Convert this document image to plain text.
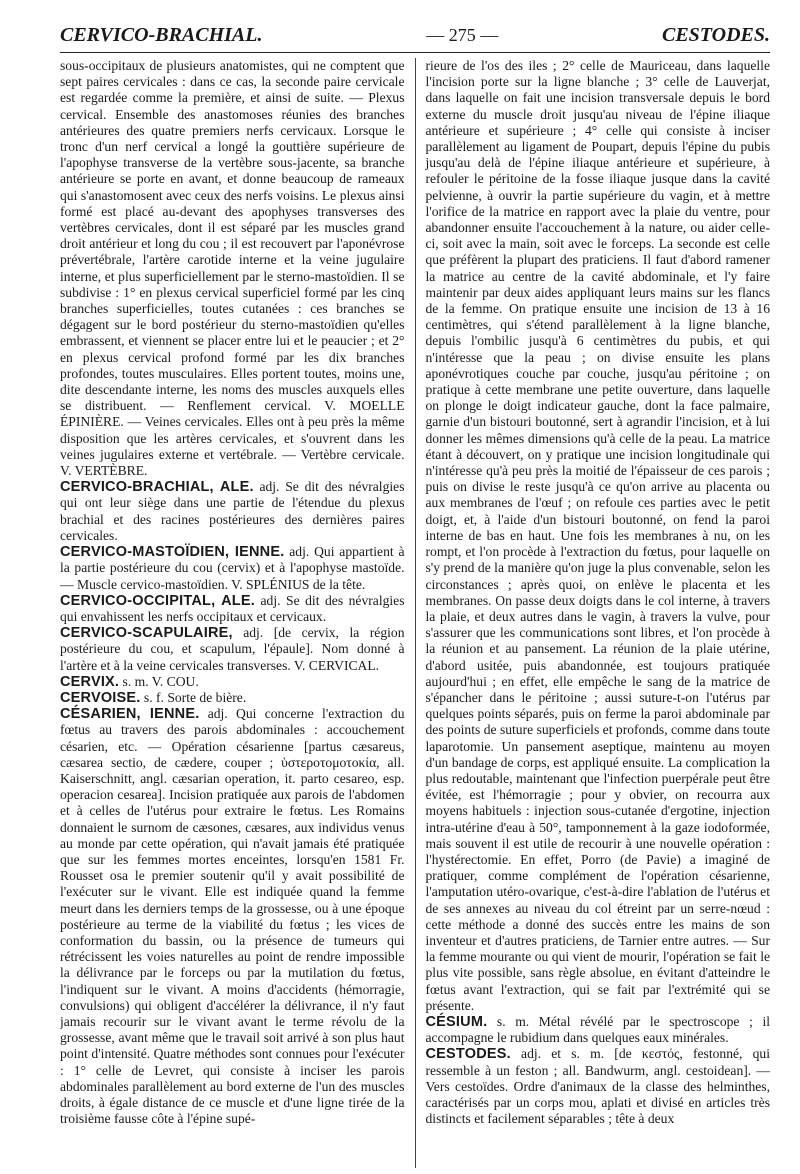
CERVICO-BRACHIAL.	— 275 —	CESTODES.

sous-occipitaux de plusieurs anatomistes, qui ne comptent que sept paires cervicales : dans ce cas, la seconde paire cervicale est regardée comme la première, et ainsi de suite. — Plexus cervical. Ensemble des anastomoses réunies des branches antérieures des quatre premiers nerfs cervicaux. Lorsque le tronc d'un nerf cervical a longé la gouttière supérieure de l'apophyse transverse de la vertèbre sous-jacente, sa branche antérieure se porte en avant, et donne beaucoup de rameaux qui s'anastomosent avec ceux des nerfs voisins. Le plexus ainsi formé est placé au-devant des apophyses transverses des vertèbres cervicales, dont il est séparé par les muscles grand droit antérieur et long du cou ; il est recouvert par l'aponévrose prévertébrale, l'artère carotide interne et la veine jugulaire interne, et plus superficiellement par le sterno-mastoïdien. Il se subdivise : 1° en plexus cervical superficiel formé par les cinq branches superficielles, toutes cutanées : ces branches se dégagent sur le bord postérieur du sterno-mastoïdien qu'elles embrassent, et viennent se placer entre lui et le peaucier ; et 2° en plexus cervical profond formé par les dix branches profondes, toutes musculaires. Elles portent toutes, moins une, dite descendante interne, les noms des muscles auxquels elles se distribuent. — Renflement cervical. V. MOELLE ÉPINIÈRE. — Veines cervicales. Elles ont à peu près la même disposition que les artères cervicales, et s'ouvrent dans les veines jugulaires externe et vertébrale. — Vertèbre cervicale. V. VERTÈBRE.

CERVICO-BRACHIAL, ALE. adj. Se dit des névralgies qui ont leur siège dans une partie de l'étendue du plexus brachial et des racines postérieures des dernières paires cervicales.

CERVICO-MASTOÏDIEN, IENNE. adj. Qui appartient à la partie postérieure du cou (cervix) et à l'apophyse mastoïde. — Muscle cervico-mastoïdien. V. SPLÉNIUS de la tête.

CERVICO-OCCIPITAL, ALE. adj. Se dit des névralgies qui envahissent les nerfs occipitaux et cervicaux.

CERVICO-SCAPULAIRE, adj. [de cervix, la région postérieure du cou, et scapulum, l'épaule]. Nom donné à l'artère et à la veine cervicales transverses. V. CERVICAL.

CERVIX. s. m. V. COU.

CERVOISE. s. f. Sorte de bière.

CÉSARIEN, IENNE. adj. Qui concerne l'extraction du fœtus au travers des parois abdominales : accouchement césarien, etc. — Opération césarienne [partus cæsareus, cæsarea sectio, de cædere, couper ; ὑστεροτομοτοκία, all. Kaiserschnitt, angl. cæsarian operation, it. parto cesareo, esp. operacion cesarea]. Incision pratiquée aux parois de l'abdomen et à celles de l'utérus pour extraire le fœtus. Les Romains donnaient le surnom de cæsones, cæsares, aux individus venus au monde par cette opération, qui n'avait jamais été pratiquée que sur les femmes mortes enceintes, lorsqu'en 1581 Fr. Rousset osa le premier soutenir qu'il y avait possibilité de l'exécuter sur le vivant. Elle est indiquée quand la femme meurt dans les derniers temps de la grossesse, ou à une époque postérieure au terme de la viabilité du fœtus ; les vices de conformation du bassin, ou la présence de tumeurs qui rétrécissent les voies naturelles au point de rendre impossible la délivrance par le forceps ou par la mutilation du fœtus, l'indiquent sur le vivant. A moins d'accidents (hémorragie, convulsions) qui obligent d'accélérer la délivrance, il n'y faut jamais recourir sur le vivant avant le terme révolu de la grossesse, avant même que le travail soit arrivé à son plus haut point d'intensité. Quatre méthodes sont connues pour l'exécuter : 1° celle de Levret, qui consiste à inciser les parois abdominales parallèlement au bord externe de l'un des muscles droits, à égale distance de ce muscle et d'une ligne tirée de la troisième fausse côte à l'épine supé-

rieure de l'os des iles ; 2° celle de Mauriceau, dans laquelle l'incision porte sur la ligne blanche ; 3° celle de Lauverjat, dans laquelle on fait une incision transversale depuis le bord externe du muscle droit jusqu'au niveau de l'épine iliaque antérieure et supérieure ; 4° celle qui consiste à inciser parallèlement au ligament de Poupart, depuis l'épine du pubis jusqu'au delà de l'épine iliaque antérieure et supérieure, à refouler le péritoine de la fosse iliaque jusque dans la cavité pelvienne, à ouvrir la partie supérieure du vagin, et à mettre l'orifice de la matrice en rapport avec la plaie du ventre, pour abandonner ensuite l'accouchement à la nature, ou aider celle-ci, soit avec la main, soit avec le forceps. La seconde est celle que préfèrent la plupart des praticiens. Il faut d'abord ramener la matrice au centre de la cavité abdominale, et l'y faire maintenir par deux aides appliquant leurs mains sur les flancs de la femme. On pratique ensuite une incision de 13 à 16 centimètres, qui s'étend parallèlement à la ligne blanche, depuis l'ombilic jusqu'à 6 centimètres du pubis, et qui n'intéresse que la peau ; on divise ensuite les plans aponévrotiques couche par couche, jusqu'au péritoine ; on pratique à cette membrane une petite ouverture, dans laquelle on plonge le doigt indicateur gauche, dont la face palmaire, garnie d'un bistouri boutonné, sert à agrandir l'incision, et à lui donner les mêmes dimensions qu'à celle de la peau. La matrice étant à découvert, on y pratique une incision longitudinale qui n'intéresse qu'à peu près la moitié de l'épaisseur de ces parois ; puis on divise le reste jusqu'à ce qu'on arrive au placenta ou aux membranes de l'œuf ; on refoule ces parties avec le petit doigt, et, à l'aide d'un bistouri boutonné, on fend la paroi interne de bas en haut. Une fois les membranes à nu, on les rompt, et l'on procède à l'extraction du fœtus, pour laquelle on s'y prend de la manière qu'on juge la plus convenable, selon les circonstances ; après quoi, on enlève le placenta et les membranes. On passe deux doigts dans le col interne, à travers la plaie, et deux autres dans le vagin, à travers la vulve, pour s'assurer que les communications sont libres, et l'on procède à la réunion et au pansement. La réunion de la plaie utérine, d'abord usitée, puis abandonnée, est toujours pratiquée aujourd'hui ; en effet, elle empêche le sang de la matrice de s'épancher dans le péritoine ; aussi suture-t-on l'utérus par quelques points séparés, puis on ferme la paroi abdominale par des points de suture superficiels et profonds, comme dans toute laparotomie. Un pansement aseptique, maintenu au moyen d'un bandage de corps, est appliqué ensuite. La complication la plus redoutable, maintenant que l'infection puerpérale peut être évitée, est l'hémorragie ; pour y obvier, on recourra aux moyens habituels : injection sous-cutanée d'ergotine, injection intra-utérine d'eau à 50°, tamponnement à la gaze iodoformée, mais souvent il est utile de recourir à une nouvelle opération : l'hystérectomie. En effet, Porro (de Pavie) a imaginé de pratiquer, comme complément de l'opération césarienne, l'amputation utéro-ovarique, c'est-à-dire l'ablation de l'utérus et de ses annexes au niveau du col étreint par un serre-nœud : cette méthode a donné des succès entre les mains de son inventeur et d'autres praticiens, de Tarnier entre autres. — Sur la femme mourante ou qui vient de mourir, l'opération se fait le plus vite possible, sans règle absolue, en évitant d'atteindre le fœtus avant l'extraction, qui se fait par l'extrémité qui se présente.

CÉSIUM. s. m. Métal révélé par le spectroscope ; il accompagne le rubidium dans quelques eaux minérales.

CESTODES. adj. et s. m. [de κεστός, festonné, qui ressemble à un feston ; all. Bandwurm, angl. cestoidean]. — Vers cestoïdes. Ordre d'animaux de la classe des helminthes, caractérisés par un corps mou, aplati et divisé en articles très distincts et facilement séparables ; tête à deux
